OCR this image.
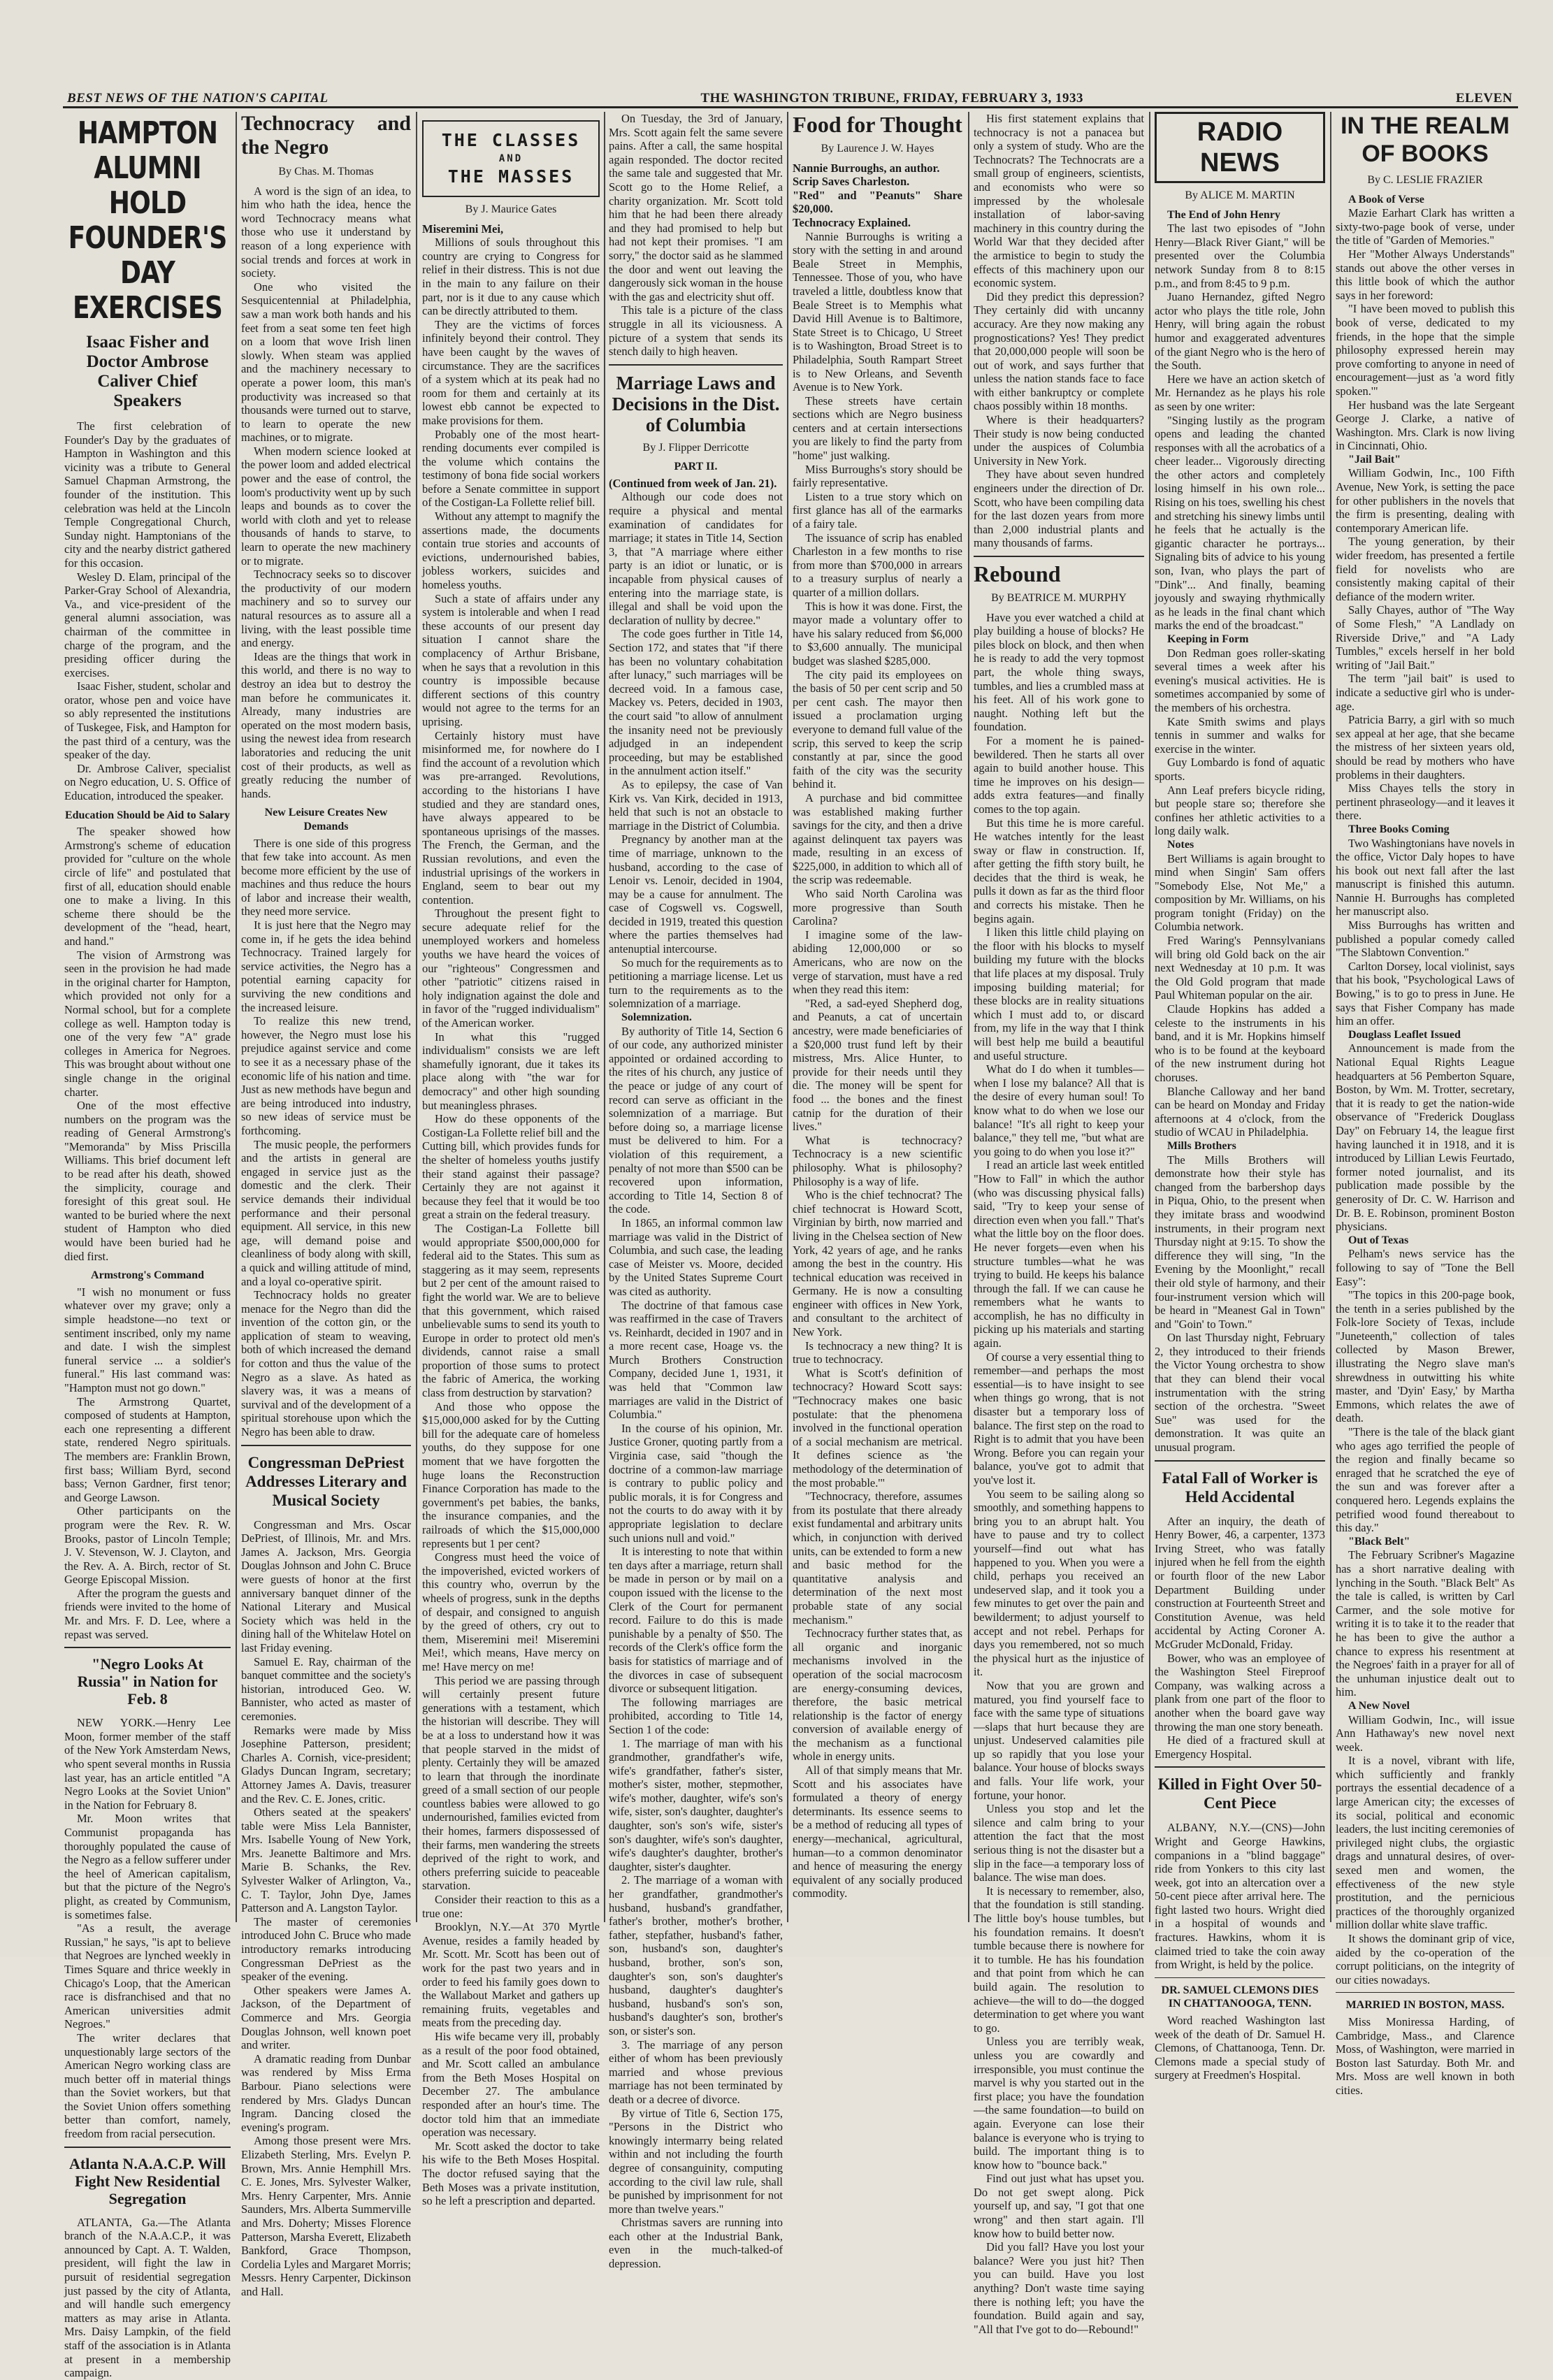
BEST NEWS OF THE NATION'S CAPITAL	THE WASHINGTON TRIBUNE, FRIDAY, FEBRUARY 3, 1933	ELEVEN
HAMPTON ALUMNI HOLD FOUNDER'S DAY EXERCISES
Isaac Fisher and Doctor Ambrose Caliver Chief Speakers

The first celebration of Founder's Day by the graduates of Hampton in Washington and this vicinity was a tribute to General Samuel Chapman Armstrong, the founder of the institution. This celebration was held at the Lincoln Temple Congregational Church, Sunday night. Hamptonians of the city and the nearby district gathered for this occasion.

Wesley D. Elam, principal of the Parker-Gray School of Alexandria, Va., and vice-president of the general alumni association, was chairman of the committee in charge of the program, and the presiding officer during the exercises.

Isaac Fisher, student, scholar and orator, whose pen and voice have so ably represented the institutions of Tuskegee, Fisk, and Hampton for the past third of a century, was the speaker of the day.

Dr. Ambrose Caliver, specialist on Negro education, U. S. Office of Education, introduced the speaker.

Education Should be Aid to Salary

The speaker showed how Armstrong's scheme of education provided for "culture on the whole circle of life" and postulated that first of all, education should enable one to make a living. In this scheme there should be the development of the "head, heart, and hand."

The vision of Armstrong was seen in the provision he had made in the original charter for Hampton, which provided not only for a Normal school, but for a complete college as well. Hampton today is one of the very few "A" grade colleges in America for Negroes. This was brought about without one single change in the original charter.

One of the most effective numbers on the program was the reading of General Armstrong's "Memoranda" by Miss Priscilla Williams. This brief document left to be read after his death, showed the simplicity, courage and foresight of this great soul. He wanted to be buried where the next student of Hampton who died would have been buried had he died first.

Armstrong's Command

"I wish no monument or fuss whatever over my grave; only a simple headstone—no text or sentiment inscribed, only my name and date. I wish the simplest funeral service ... a soldier's funeral." His last command was: "Hampton must not go down."

The Armstrong Quartet, composed of students at Hampton, each one representing a different state, rendered Negro spirituals. The members are: Franklin Brown, first bass; William Byrd, second bass; Vernon Gardner, first tenor; and George Lawson.

Other participants on the program were the Rev. R. W. Brooks, pastor of Lincoln Temple; J. V. Stevenson, W. J. Clayton, and the Rev. A. A. Birch, rector of St. George Episcopal Mission.

After the program the guests and friends were invited to the home of Mr. and Mrs. F. D. Lee, where a repast was served.

"Negro Looks At Russia" in Nation for Feb. 8

NEW YORK.—Henry Lee Moon, former member of the staff of the New York Amsterdam News, who spent several months in Russia last year, has an article entitled "A Negro Looks at the Soviet Union" in the Nation for February 8.

Mr. Moon writes that Communist propaganda has thoroughly populated the cause of the Negro as a fellow sufferer under the heel of American capitalism, but that the picture of the Negro's plight, as created by Communism, is sometimes false.

"As a result, the average Russian," he says, "is apt to believe that Negroes are lynched weekly in Times Square and thrice weekly in Chicago's Loop, that the American race is disfranchised and that no American universities admit Negroes."

The writer declares that unquestionably large sectors of the American Negro working class are much better off in material things than the Soviet workers, but that the Soviet Union offers something better than comfort, namely, freedom from racial persecution.

Atlanta N.A.A.C.P. Will Fight New Residential Segregation

ATLANTA, Ga.—The Atlanta branch of the N.A.A.C.P., it was announced by Capt. A. T. Walden, president, will fight the law in pursuit of residential segregation just passed by the city of Atlanta, and will handle such emergency matters as may arise in Atlanta. Mrs. Daisy Lampkin, of the field staff of the association is in Atlanta at present in a membership campaign.

Technocracy and the Negro
By Chas. M. Thomas

A word is the sign of an idea, to him who hath the idea, hence the word Technocracy means what those who use it understand by reason of a long experience with social trends and forces at work in society.

One who visited the Sesquicentennial at Philadelphia, saw a man work both hands and his feet from a seat some ten feet high on a loom that wove Irish linen slowly. When steam was applied and the machinery necessary to operate a power loom, this man's productivity was increased so that thousands were turned out to starve, to learn to operate the new machines, or to migrate.

When modern science looked at the power loom and added electrical power and the ease of control, the loom's productivity went up by such leaps and bounds as to cover the world with cloth and yet to release thousands of hands to starve, to learn to operate the new machinery or to migrate.

Technocracy seeks so to discover the productivity of our modern machinery and so to survey our natural resources as to assure all a living, with the least possible time and energy.

Ideas are the things that work in this world, and there is no way to destroy an idea but to destroy the man before he communicates it. Already, many industries are operated on the most modern basis, using the newest idea from research laboratories and reducing the unit cost of their products, as well as greatly reducing the number of hands.

New Leisure Creates New Demands

There is one side of this progress that few take into account. As men become more efficient by the use of machines and thus reduce the hours of labor and increase their wealth, they need more service.

It is just here that the Negro may come in, if he gets the idea behind Technocracy. Trained largely for service activities, the Negro has a potential earning capacity for surviving the new conditions and the increased leisure.

To realize this new trend, however, the Negro must lose his prejudice against service and come to see it as a necessary phase of the economic life of his nation and time. Just as new methods have begun and are being introduced into industry, so new ideas of service must be forthcoming.

The music people, the performers and the artists in general are engaged in service just as the domestic and the clerk. Their service demands their individual performance and their personal equipment. All service, in this new age, will demand poise and cleanliness of body along with skill, a quick and willing attitude of mind, and a loyal co-operative spirit.

Technocracy holds no greater menace for the Negro than did the invention of the cotton gin, or the application of steam to weaving, both of which increased the demand for cotton and thus the value of the Negro as a slave. As hated as slavery was, it was a means of survival and of the development of a spiritual storehouse upon which the Negro has been able to draw.

Congressman DePriest Addresses Literary and Musical Society

Congressman and Mrs. Oscar DePriest, of Illinois, Mr. and Mrs. James A. Jackson, Mrs. Georgia Douglas Johnson and John C. Bruce were guests of honor at the first anniversary banquet dinner of the National Literary and Musical Society which was held in the dining hall of the Whitelaw Hotel on last Friday evening.

Samuel E. Ray, chairman of the banquet committee and the society's historian, introduced Geo. W. Bannister, who acted as master of ceremonies.

Remarks were made by Miss Josephine Patterson, president; Charles A. Cornish, vice-president; Gladys Duncan Ingram, secretary; Attorney James A. Davis, treasurer and the Rev. C. E. Jones, critic.

Others seated at the speakers' table were Miss Lela Bannister, Mrs. Isabelle Young of New York, Mrs. Jeanette Baltimore and Mrs. Marie B. Schanks, the Rev. Sylvester Walker of Arlington, Va., C. T. Taylor, John Dye, James Patterson and A. Langston Taylor.

The master of ceremonies introduced John C. Bruce who made introductory remarks introducing Congressman DePriest as the speaker of the evening.

Other speakers were James A. Jackson, of the Department of Commerce and Mrs. Georgia Douglas Johnson, well known poet and writer.

A dramatic reading from Dunbar was rendered by Miss Erma Barbour. Piano selections were rendered by Mrs. Gladys Duncan Ingram. Dancing closed the evening's program.

Among those present were Mrs. Elizabeth Sterling, Mrs. Evelyn P. Brown, Mrs. Annie Hemphill Mrs. C. E. Jones, Mrs. Sylvester Walker, Mrs. Henry Carpenter, Mrs. Annie Saunders, Mrs. Alberta Summerville and Mrs. Doherty; Misses Florence Patterson, Marsha Everett, Elizabeth Bankford, Grace Thompson, Cordelia Lyles and Margaret Morris; Messrs. Henry Carpenter, Dickinson and Hall.

THE CLASSES
AND
THE MASSES
By J. Maurice Gates

Miseremini Mei,

Millions of souls throughout this country are crying to Congress for relief in their distress. This is not due in the main to any failure on their part, nor is it due to any cause which can be directly attributed to them.

They are the victims of forces infinitely beyond their control. They have been caught by the waves of circumstance. They are the sacrifices of a system which at its peak had no room for them and certainly at its lowest ebb cannot be expected to make provisions for them.

Probably one of the most heart-rending documents ever compiled is the volume which contains the testimony of bona fide social workers before a Senate committee in support of the Costigan-La Follette relief bill.

Without any attempt to magnify the assertions made, the documents contain true stories and accounts of evictions, undernourished babies, jobless workers, suicides and homeless youths.

Such a state of affairs under any system is intolerable and when I read these accounts of our present day situation I cannot share the complacency of Arthur Brisbane, when he says that a revolution in this country is impossible because different sections of this country would not agree to the terms for an uprising.

Certainly history must have misinformed me, for nowhere do I find the account of a revolution which was pre-arranged. Revolutions, according to the historians I have studied and they are standard ones, have always appeared to be spontaneous uprisings of the masses. The French, the German, and the Russian revolutions, and even the industrial uprisings of the workers in England, seem to bear out my contention.

Throughout the present fight to secure adequate relief for the unemployed workers and homeless youths we have heard the voices of our "righteous" Congressmen and other "patriotic" citizens raised in holy indignation against the dole and in favor of the "rugged individualism" of the American worker.

In what this "rugged individualism" consists we are left shamefully ignorant, due it takes its place along with "the war for democracy" and other high sounding but meaningless phrases.

How do these opponents of the Costigan-La Follette relief bill and the Cutting bill, which provides funds for the shelter of homeless youths justify their stand against their passage? Certainly they are not against it because they feel that it would be too great a strain on the federal treasury.

The Costigan-La Follette bill would appropriate $500,000,000 for federal aid to the States. This sum as staggering as it may seem, represents but 2 per cent of the amount raised to fight the world war. We are to believe that this government, which raised unbelievable sums to send its youth to Europe in order to protect old men's dividends, cannot raise a small proportion of those sums to protect the fabric of America, the working class from destruction by starvation?

And those who oppose the $15,000,000 asked for by the Cutting bill for the adequate care of homeless youths, do they suppose for one moment that we have forgotten the huge loans the Reconstruction Finance Corporation has made to the government's pet babies, the banks, the insurance companies, and the railroads of which the $15,000,000 represents but 1 per cent?

Congress must heed the voice of the impoverished, evicted workers of this country who, overrun by the wheels of progress, sunk in the depths of despair, and consigned to anguish by the greed of others, cry out to them, Miseremini mei! Miseremini Mei!, which means, Have mercy on me! Have mercy on me!

This period we are passing through will certainly present future generations with a testament, which the historian will describe. They will be at a loss to understand how it was that people starved in the midst of plenty. Certainly they will be amazed to learn that through the inordinate greed of a small section of our people countless babies were allowed to go undernourished, families evicted from their homes, farmers dispossessed of their farms, men wandering the streets deprived of the right to work, and others preferring suicide to peaceable starvation.

Consider their reaction to this as a true one:

Brooklyn, N.Y.—At 370 Myrtle Avenue, resides a family headed by Mr. Scott. Mr. Scott has been out of work for the past two years and in order to feed his family goes down to the Wallabout Market and gathers up remaining fruits, vegetables and meats from the preceding day.

His wife became very ill, probably as a result of the poor food obtained, and Mr. Scott called an ambulance from the Beth Moses Hospital on December 27. The ambulance responded after an hour's time. The doctor told him that an immediate operation was necessary.

Mr. Scott asked the doctor to take his wife to the Beth Moses Hospital. The doctor refused saying that the Beth Moses was a private institution, so he left a prescription and departed.

On Tuesday, the 3rd of January, Mrs. Scott again felt the same severe pains. After a call, the same hospital again responded. The doctor recited the same tale and suggested that Mr. Scott go to the Home Relief, a charity organization. Mr. Scott told him that he had been there already and they had promised to help but had not kept their promises. "I am sorry," the doctor said as he slammed the door and went out leaving the dangerously sick woman in the house with the gas and electricity shut off.

This tale is a picture of the class struggle in all its viciousness. A picture of a system that sends its stench daily to high heaven.

Marriage Laws and Decisions in the Dist. of Columbia
By J. Flipper Derricotte
PART II.

(Continued from week of Jan. 21).

Although our code does not require a physical and mental examination of candidates for marriage; it states in Title 14, Section 3, that "A marriage where either party is an idiot or lunatic, or is incapable from physical causes of entering into the marriage state, is illegal and shall be void upon the declaration of nullity by decree."

The code goes further in Title 14, Section 172, and states that "if there has been no voluntary cohabitation after lunacy," such marriages will be decreed void. In a famous case, Mackey vs. Peters, decided in 1903, the court said "to allow of annulment the insanity need not be previously adjudged in an independent proceeding, but may be established in the annulment action itself."

As to epilepsy, the case of Van Kirk vs. Van Kirk, decided in 1913, held that such is not an obstacle to marriage in the District of Columbia.

Pregnancy by another man at the time of marriage, unknown to the husband, according to the case of Lenoir vs. Lenoir, decided in 1904, may be a cause for annulment. The case of Cogswell vs. Cogswell, decided in 1919, treated this question where the parties themselves had antenuptial intercourse.

So much for the requirements as to petitioning a marriage license. Let us turn to the requirements as to the solemnization of a marriage.

Solemnization.

By authority of Title 14, Section 6 of our code, any authorized minister appointed or ordained according to the rites of his church, any justice of the peace or judge of any court of record can serve as officiant in the solemnization of a marriage. But before doing so, a marriage license must be delivered to him. For a violation of this requirement, a penalty of not more than $500 can be recovered upon information, according to Title 14, Section 8 of the code.

In 1865, an informal common law marriage was valid in the District of Columbia, and such case, the leading case of Meister vs. Moore, decided by the United States Supreme Court was cited as authority.

The doctrine of that famous case was reaffirmed in the case of Travers vs. Reinhardt, decided in 1907 and in a more recent case, Hoage vs. the Murch Brothers Construction Company, decided June 1, 1931, it was held that "Common law marriages are valid in the District of Columbia."

In the course of his opinion, Mr. Justice Groner, quoting partly from a Virginia case, said "though the doctrine of a common-law marriage is contrary to public policy and public morals, it is for Congress and not the courts to do away with it by appropriate legislation to declare such unions null and void."

It is interesting to note that within ten days after a marriage, return shall be made in person or by mail on a coupon issued with the license to the Clerk of the Court for permanent record. Failure to do this is made punishable by a penalty of $50. The records of the Clerk's office form the basis for statistics of marriage and of the divorces in case of subsequent divorce or subsequent litigation.

The following marriages are prohibited, according to Title 14, Section 1 of the code:

1. The marriage of man with his grandmother, grandfather's wife, wife's grandfather, father's sister, mother's sister, mother, stepmother, wife's mother, daughter, wife's son's wife, sister, son's daughter, daughter's daughter, son's son's wife, sister's son's daughter, wife's son's daughter, wife's daughter's daughter, brother's daughter, sister's daughter.

2. The marriage of a woman with her grandfather, grandmother's husband, husband's grandfather, father's brother, mother's brother, father, stepfather, husband's father, son, husband's son, daughter's husband, brother, son's son, daughter's son, son's daughter's husband, daughter's daughter's husband, husband's son's son, husband's daughter's son, brother's son, or sister's son.

3. The marriage of any person either of whom has been previously married and whose previous marriage has not been terminated by death or a decree of divorce.

By virtue of Title 6, Section 175, "Persons in the District who knowingly intermarry being related within and not including the fourth degree of consanguinity, computing according to the civil law rule, shall be punished by imprisonment for not more than twelve years."

Christmas savers are running into each other at the Industrial Bank, even in the much-talked-of depression.

Food for Thought
By Laurence J. W. Hayes

Nannie Burroughs, an author.

Scrip Saves Charleston.

"Red" and "Peanuts" Share $20,000.

Technocracy Explained.

Nannie Burroughs is writing a story with the setting in and around Beale Street in Memphis, Tennessee. Those of you, who have traveled a little, doubtless know that Beale Street is to Memphis what David Hill Avenue is to Baltimore, State Street is to Chicago, U Street is to Washington, Broad Street is to Philadelphia, South Rampart Street is to New Orleans, and Seventh Avenue is to New York.

These streets have certain sections which are Negro business centers and at certain intersections you are likely to find the party from "home" just walking.

Miss Burroughs's story should be fairly representative.

Listen to a true story which on first glance has all of the earmarks of a fairy tale.

The issuance of scrip has enabled Charleston in a few months to rise from more than $700,000 in arrears to a treasury surplus of nearly a quarter of a million dollars.

This is how it was done. First, the mayor made a voluntary offer to have his salary reduced from $6,000 to $3,600 annually. The municipal budget was slashed $285,000.

The city paid its employees on the basis of 50 per cent scrip and 50 per cent cash. The mayor then issued a proclamation urging everyone to demand full value of the scrip, this served to keep the scrip constantly at par, since the good faith of the city was the security behind it.

A purchase and bid committee was established making further savings for the city, and then a drive against delinquent tax payers was made, resulting in an excess of $225,000, in addition to which all of the scrip was redeemable.

Who said North Carolina was more progressive than South Carolina?

I imagine some of the law-abiding 12,000,000 or so Americans, who are now on the verge of starvation, must have a red when they read this item:

"Red, a sad-eyed Shepherd dog, and Peanuts, a cat of uncertain ancestry, were made beneficiaries of a $20,000 trust fund left by their mistress, Mrs. Alice Hunter, to provide for their needs until they die. The money will be spent for food ... the bones and the finest catnip for the duration of their lives."

What is technocracy? Technocracy is a new scientific philosophy. What is philosophy? Philosophy is a way of life.

Who is the chief technocrat? The chief technocrat is Howard Scott, Virginian by birth, now married and living in the Chelsea section of New York, 42 years of age, and he ranks among the best in the country. His technical education was received in Germany. He is now a consulting engineer with offices in New York, and consultant to the architect of New York.

Is technocracy a new thing? It is true to technocracy.

What is Scott's definition of technocracy? Howard Scott says: "Technocracy makes one basic postulate: that the phenomena involved in the functional operation of a social mechanism are metrical. It defines science as 'the methodology of the determination of the most probable.'"

"Technocracy, therefore, assumes from its postulate that there already exist fundamental and arbitrary units which, in conjunction with derived units, can be extended to form a new and basic method for the quantitative analysis and determination of the next most probable state of any social mechanism."

Technocracy further states that, as all organic and inorganic mechanisms involved in the operation of the social macrocosm are energy-consuming devices, therefore, the basic metrical relationship is the factor of energy conversion of available energy of the mechanism as a functional whole in energy units.

All of that simply means that Mr. Scott and his associates have formulated a theory of energy determinants. Its essence seems to be a method of reducing all types of energy—mechanical, agricultural, human—to a common denominator and hence of measuring the energy equivalent of any socially produced commodity.

His first statement explains that technocracy is not a panacea but only a system of study. Who are the Technocrats? The Technocrats are a small group of engineers, scientists, and economists who were so impressed by the wholesale installation of labor-saving machinery in this country during the World War that they decided after the armistice to begin to study the effects of this machinery upon our economic system.

Did they predict this depression? They certainly did with uncanny accuracy. Are they now making any prognostications? Yes! They predict that 20,000,000 people will soon be out of work, and says further that unless the nation stands face to face with either bankruptcy or complete chaos possibly within 18 months.

Where is their headquarters? Their study is now being conducted under the auspices of Columbia University in New York.

They have about seven hundred engineers under the direction of Dr. Scott, who have been compiling data for the last dozen years from more than 2,000 industrial plants and many thousands of farms.

Rebound
By BEATRICE M. MURPHY

Have you ever watched a child at play building a house of blocks? He piles block on block, and then when he is ready to add the very topmost part, the whole thing sways, tumbles, and lies a crumbled mass at his feet. All of his work gone to naught. Nothing left but the foundation.

For a moment he is pained-bewildered. Then he starts all over again to build another house. This time he improves on his design—adds extra features—and finally comes to the top again.

But this time he is more careful. He watches intently for the least sway or flaw in construction. If, after getting the fifth story built, he decides that the third is weak, he pulls it down as far as the third floor and corrects his mistake. Then he begins again.

I liken this little child playing on the floor with his blocks to myself building my future with the blocks that life places at my disposal. Truly imposing building material; for these blocks are in reality situations which I must add to, or discard from, my life in the way that I think will best help me build a beautiful and useful structure.

What do I do when it tumbles—when I lose my balance? All that is the desire of every human soul! To know what to do when we lose our balance! "It's all right to keep your balance," they tell me, "but what are you going to do when you lose it?"

I read an article last week entitled "How to Fall" in which the author (who was discussing physical falls) said, "Try to keep your sense of direction even when you fall." That's what the little boy on the floor does. He never forgets—even when his structure tumbles—what he was trying to build. He keeps his balance through the fall. If we can cause he remembers what he wants to accomplish, he has no difficulty in picking up his materials and starting again.

Of course a very essential thing to remember—and perhaps the most essential—is to have insight to see when things go wrong, that is not disaster but a temporary loss of balance. The first step on the road to Right is to admit that you have been Wrong. Before you can regain your balance, you've got to admit that you've lost it.

You seem to be sailing along so smoothly, and something happens to bring you to an abrupt halt. You have to pause and try to collect yourself—find out what has happened to you. When you were a child, perhaps you received an undeserved slap, and it took you a few minutes to get over the pain and bewilderment; to adjust yourself to accept and not rebel. Perhaps for days you remembered, not so much the physical hurt as the injustice of it.

Now that you are grown and matured, you find yourself face to face with the same type of situations—slaps that hurt because they are unjust. Undeserved calamities pile up so rapidly that you lose your balance. Your house of blocks sways and falls. Your life work, your fortune, your honor.

Unless you stop and let the silence and calm bring to your attention the fact that the most serious thing is not the disaster but a slip in the face—a temporary loss of balance. The wise man does.

It is necessary to remember, also, that the foundation is still standing. The little boy's house tumbles, but his foundation remains. It doesn't tumble because there is nowhere for it to tumble. He has his foundation and that point from which he can build again. The resolution to achieve—the will to do—the dogged determination to get where you want to go.

Unless you are terribly weak, unless you are cowardly and irresponsible, you must continue the marvel is why you started out in the first place; you have the foundation—the same foundation—to build on again. Everyone can lose their balance is everyone who is trying to build. The important thing is to know how to "bounce back."

Find out just what has upset you. Do not get swept along. Pick yourself up, and say, "I got that one wrong" and then start again. I'll know how to build better now.

Did you fall? Have you lost your balance? Were you just hit? Then you can build. Have you lost anything? Don't waste time saying there is nothing left; you have the foundation. Build again and say, "All that I've got to do—Rebound!"

RADIO NEWS
By ALICE M. MARTIN

The End of John Henry

The last two episodes of "John Henry—Black River Giant," will be presented over the Columbia network Sunday from 8 to 8:15 p.m., and from 8:45 to 9 p.m.

Juano Hernandez, gifted Negro actor who plays the title role, John Henry, will bring again the robust humor and exaggerated adventures of the giant Negro who is the hero of the South.

Here we have an action sketch of Mr. Hernandez as he plays his role as seen by one writer:

"Singing lustily as the program opens and leading the chanted responses with all the acrobatics of a cheer leader... Vigorously directing the other actors and completely losing himself in his own role... Rising on his toes, swelling his chest and stretching his sinewy limbs until he feels that he actually is the gigantic character he portrays... Signaling bits of advice to his young son, Ivan, who plays the part of "Dink"... And finally, beaming joyously and swaying rhythmically as he leads in the final chant which marks the end of the broadcast."

Keeping in Form

Don Redman goes roller-skating several times a week after his evening's musical activities. He is sometimes accompanied by some of the members of his orchestra.

Kate Smith swims and plays tennis in summer and walks for exercise in the winter.

Guy Lombardo is fond of aquatic sports.

Ann Leaf prefers bicycle riding, but people stare so; therefore she confines her athletic activities to a long daily walk.

Notes

Bert Williams is again brought to mind when Singin' Sam offers "Somebody Else, Not Me," a composition by Mr. Williams, on his program tonight (Friday) on the Columbia network.

Fred Waring's Pennsylvanians will bring old Gold back on the air next Wednesday at 10 p.m. It was the Old Gold program that made Paul Whiteman popular on the air.

Claude Hopkins has added a celeste to the instruments in his band, and it is Mr. Hopkins himself who is to be found at the keyboard of the new instrument during hot choruses.

Blanche Calloway and her band can be heard on Monday and Friday afternoons at 4 o'clock, from the studio of WCAU in Philadelphia.

Mills Brothers

The Mills Brothers will demonstrate how their style has changed from the barbershop days in Piqua, Ohio, to the present when they imitate brass and woodwind instruments, in their program next Thursday night at 9:15. To show the difference they will sing, "In the Evening by the Moonlight," recall their old style of harmony, and their four-instrument version which will be heard in "Meanest Gal in Town" and "Goin' to Town."

On last Thursday night, February 2, they introduced to their friends the Victor Young orchestra to show that they can blend their vocal instrumentation with the string section of the orchestra. "Sweet Sue" was used for the demonstration. It was quite an unusual program.

Fatal Fall of Worker is Held Accidental

After an inquiry, the death of Henry Bower, 46, a carpenter, 1373 Irving Street, who was fatally injured when he fell from the eighth or fourth floor of the new Labor Department Building under construction at Fourteenth Street and Constitution Avenue, was held accidental by Acting Coroner A. McGruder McDonald, Friday.

Bower, who was an employee of the Washington Steel Fireproof Company, was walking across a plank from one part of the floor to another when the board gave way throwing the man one story beneath.

He died of a fractured skull at Emergency Hospital.

Killed in Fight Over 50-Cent Piece

ALBANY, N.Y.—(CNS)—John Wright and George Hawkins, companions in a "blind baggage" ride from Yonkers to this city last week, got into an altercation over a 50-cent piece after arrival here. The fight lasted two hours. Wright died in a hospital of wounds and fractures. Hawkins, whom it is claimed tried to take the coin away from Wright, is held by the police.

DR. SAMUEL CLEMONS DIES IN CHATTANOOGA, TENN.

Word reached Washington last week of the death of Dr. Samuel H. Clemons, of Chattanooga, Tenn. Dr. Clemons made a special study of surgery at Freedmen's Hospital.

IN THE REALM OF BOOKS
By C. LESLIE FRAZIER

A Book of Verse

Mazie Earhart Clark has written a sixty-two-page book of verse, under the title of "Garden of Memories."

Her "Mother Always Understands" stands out above the other verses in this little book of which the author says in her foreword:

"I have been moved to publish this book of verse, dedicated to my friends, in the hope that the simple philosophy expressed herein may prove comforting to anyone in need of encouragement—just as 'a word fitly spoken.'"

Her husband was the late Sergeant George J. Clarke, a native of Washington. Mrs. Clark is now living in Cincinnati, Ohio.

"Jail Bait"

William Godwin, Inc., 100 Fifth Avenue, New York, is setting the pace for other publishers in the novels that the firm is presenting, dealing with contemporary American life.

The young generation, by their wider freedom, has presented a fertile field for novelists who are consistently making capital of their defiance of the modern writer.

Sally Chayes, author of "The Way of Some Flesh," "A Landlady on Riverside Drive," and "A Lady Tumbles," excels herself in her bold writing of "Jail Bait."

The term "jail bait" is used to indicate a seductive girl who is under-age.

Patricia Barry, a girl with so much sex appeal at her age, that she became the mistress of her sixteen years old, should be read by mothers who have problems in their daughters.

Miss Chayes tells the story in pertinent phraseology—and it leaves it there.

Three Books Coming

Two Washingtonians have novels in the office, Victor Daly hopes to have his book out next fall after the last manuscript is finished this autumn. Nannie H. Burroughs has completed her manuscript also.

Miss Burroughs has written and published a popular comedy called "The Slabtown Convention."

Carlton Dorsey, local violinist, says that his book, "Psychological Laws of Bowing," is to go to press in June. He says that Fisher Company has made him an offer.

Douglass Leaflet Issued

Announcement is made from the National Equal Rights League headquarters at 56 Pemberton Square, Boston, by Wm. M. Trotter, secretary, that it is ready to get the nation-wide observance of "Frederick Douglass Day" on February 14, the league first having launched it in 1918, and it is introduced by Lillian Lewis Feurtado, former noted journalist, and its publication made possible by the generosity of Dr. C. W. Harrison and Dr. B. E. Robinson, prominent Boston physicians.

Out of Texas

Pelham's news service has the following to say of "Tone the Bell Easy":

"The topics in this 200-page book, the tenth in a series published by the Folk-lore Society of Texas, include "Juneteenth," collection of tales collected by Mason Brewer, illustrating the Negro slave man's shrewdness in outwitting his white master, and 'Dyin' Easy,' by Martha Emmons, which relates the awe of death.

"There is the tale of the black giant who ages ago terrified the people of the region and finally became so enraged that he scratched the eye of the sun and was forever after a conquered hero. Legends explains the petrified wood found thereabout to this day."

"Black Belt"

The February Scribner's Magazine has a short narrative dealing with lynching in the South. "Black Belt" As the tale is called, is written by Carl Carmer, and the sole motive for writing it is to take it to the reader that he has been to give the author a chance to express his resentment at the Negroes' faith in a prayer for all of the unhuman injustice dealt out to him.

A New Novel

William Godwin, Inc., will issue Ann Hathaway's new novel next week.

It is a novel, vibrant with life, which sufficiently and frankly portrays the essential decadence of a large American city; the excesses of its social, political and economic leaders, the lust inciting ceremonies of privileged night clubs, the orgiastic drags and unnatural desires, of over-sexed men and women, the effectiveness of the new style prostitution, and the pernicious practices of the thoroughly organized million dollar white slave traffic.

It shows the dominant grip of vice, aided by the co-operation of the corrupt politicians, on the integrity of our cities nowadays.

MARRIED IN BOSTON, MASS.

Miss Moniressa Harding, of Cambridge, Mass., and Clarence Moss, of Washington, were married in Boston last Saturday. Both Mr. and Mrs. Moss are well known in both cities.
